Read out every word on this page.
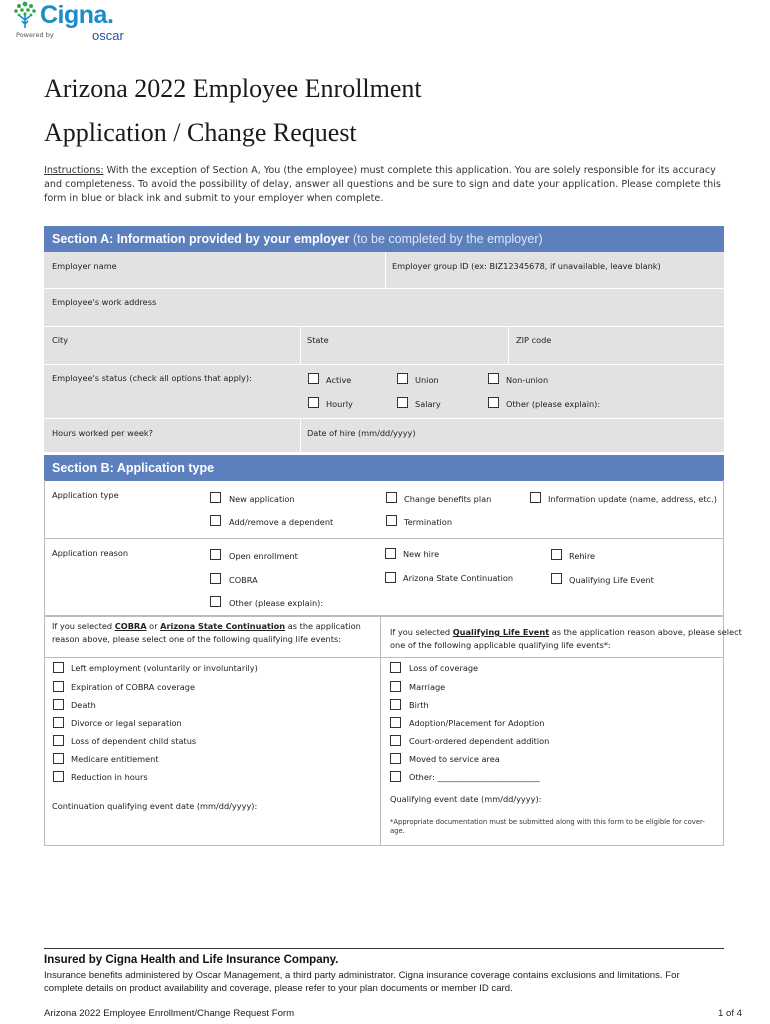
Cigna.
Powered by	oscar
Arizona 2022 Employee Enrollment
Application / Change Request
Instructions: With the exception of Section A, You (the employee) must complete this application. You are solely responsible for its accuracy and completeness. To avoid the possibility of delay, answer all questions and be sure to sign and date your application. Please complete this form in blue or black ink and submit to your employer when complete.
Section A: Information provided by your employer (to be completed by the employer)
Employer name	Employer group ID (ex: BIZ12345678, if unavailable, leave blank)
Employee's work address
City	State	ZIP code
Employee's status (check all options that apply):	Active	Union	Non-union
Hourly	Salary	Other (please explain):
Hours worked per week?	Date of hire (mm/dd/yyyy)
Section B: Application type
Application type	New application	Change benefits plan	Information update (name, address, etc.)
Add/remove a dependent	Termination
Application reason	Open enrollment	New hire	Rehire
COBRA	Arizona State Continuation	Qualifying Life Event
Other (please explain):
If you selected COBRA or Arizona State Continuation as the application
reason above, please select one of the following qualifying life events:
If you selected Qualifying Life Event as the application reason above, please select
one of the following applicable qualifying life events*:
Left employment (voluntarily or involuntarily)
Expiration of COBRA coverage
Death
Divorce or legal separation
Loss of dependent child status
Medicare entitlement
Reduction in hours
Continuation qualifying event date (mm/dd/yyyy):
Loss of coverage
Marriage
Birth
Adoption/Placement for Adoption
Court-ordered dependent addition
Moved to service area
Other: _________________________
Qualifying event date (mm/dd/yyyy):
*Appropriate documentation must be submitted along with this form to be eligible for cover-
age.
Insured by Cigna Health and Life Insurance Company.
Insurance benefits administered by Oscar Management, a third party administrator. Cigna insurance coverage contains exclusions and limitations. For complete details on product availability and coverage, please refer to your plan documents or member ID card.
Arizona 2022 Employee Enrollment/Change Request Form	1 of 4
